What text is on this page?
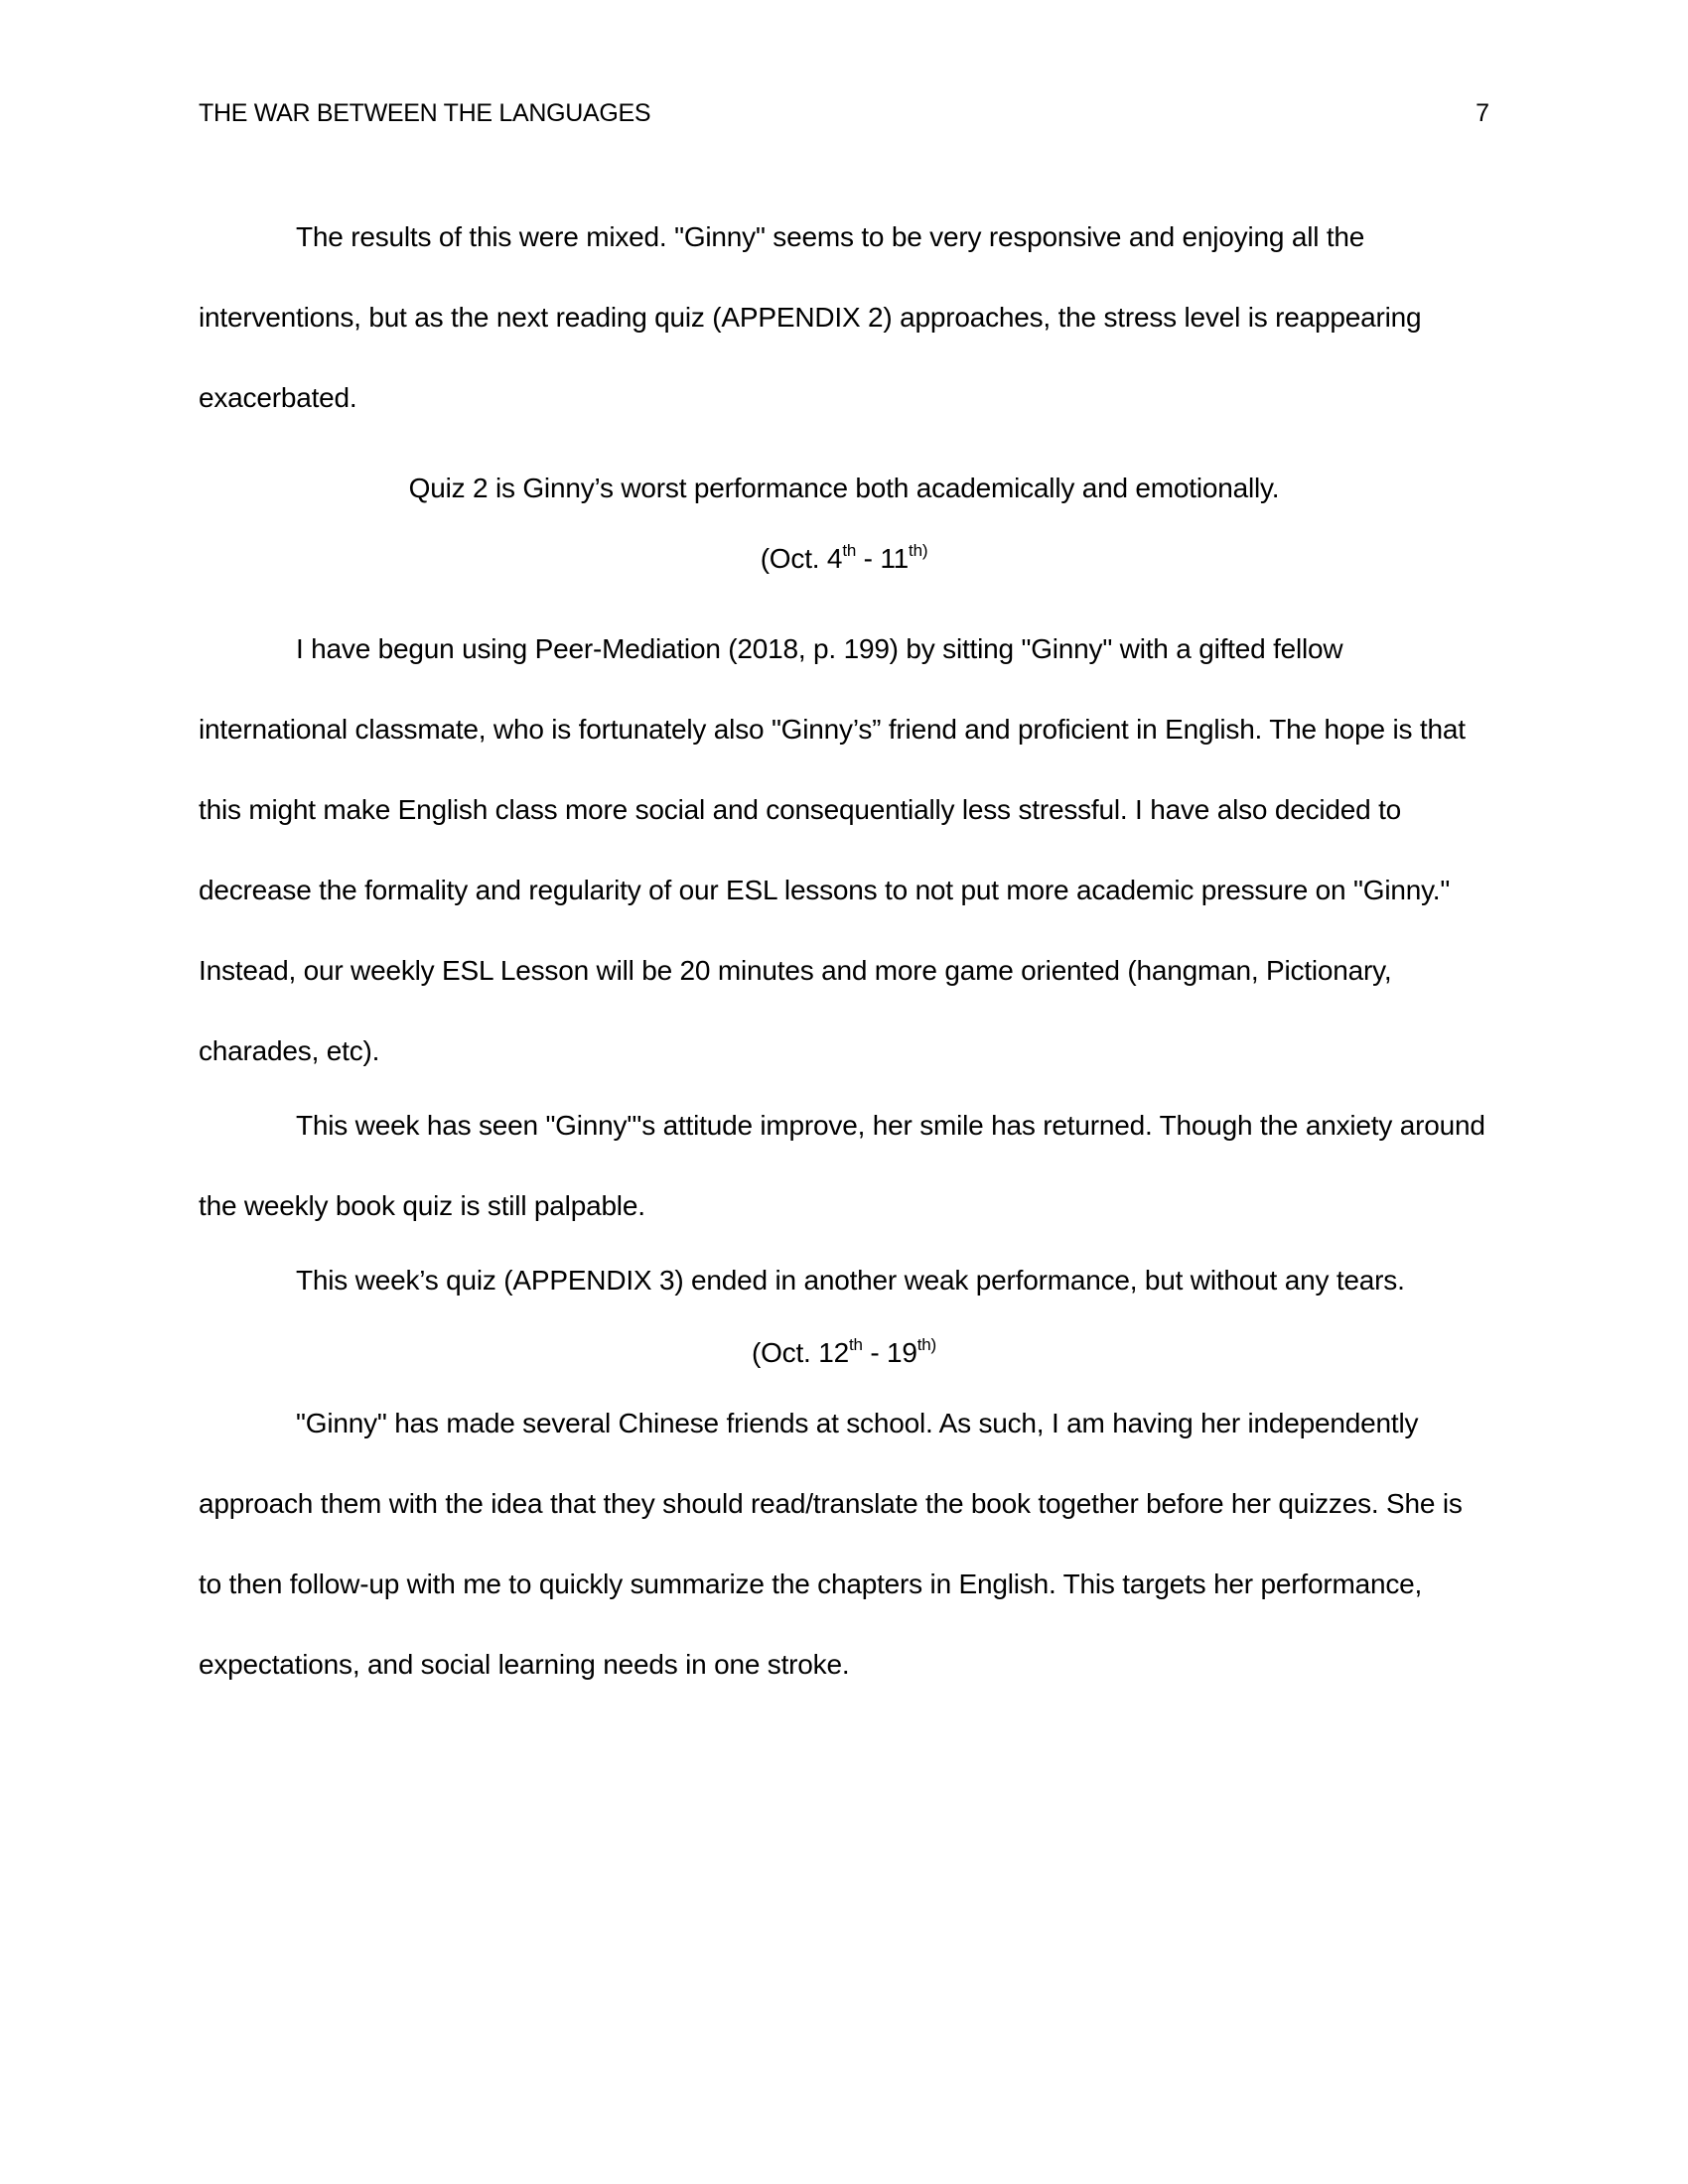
THE WAR BETWEEN THE LANGUAGES	7

The results of this were mixed. "Ginny" seems to be very responsive and enjoying all the interventions, but as the next reading quiz (APPENDIX 2) approaches, the stress level is reappearing exacerbated.

Quiz 2 is Ginny’s worst performance both academically and emotionally.

(Oct. $4th - 11^{th)}$

I have begun using Peer-Mediation (2018, p. 199) by sitting "Ginny" with a gifted fellow international classmate, who is fortunately also "Ginny’s” friend and proficient in English. The hope is that this might make English class more social and consequentially less stressful. I have also decided to decrease the formality and regularity of our ESL lessons to not put more academic pressure on "Ginny." Instead, our weekly ESL Lesson will be 20 minutes and more game oriented (hangman, Pictionary, charades, etc).

This week has seen "Ginny"'s attitude improve, her smile has returned. Though the anxiety around the weekly book quiz is still palpable.

This week’s quiz (APPENDIX 3) ended in another weak performance, but without any tears.

(Oct. $12th - 19^{th)}$

"Ginny" has made several Chinese friends at school. As such, I am having her independently approach them with the idea that they should read/translate the book together before her quizzes. She is to then follow-up with me to quickly summarize the chapters in English. This targets her performance, expectations, and social learning needs in one stroke.
